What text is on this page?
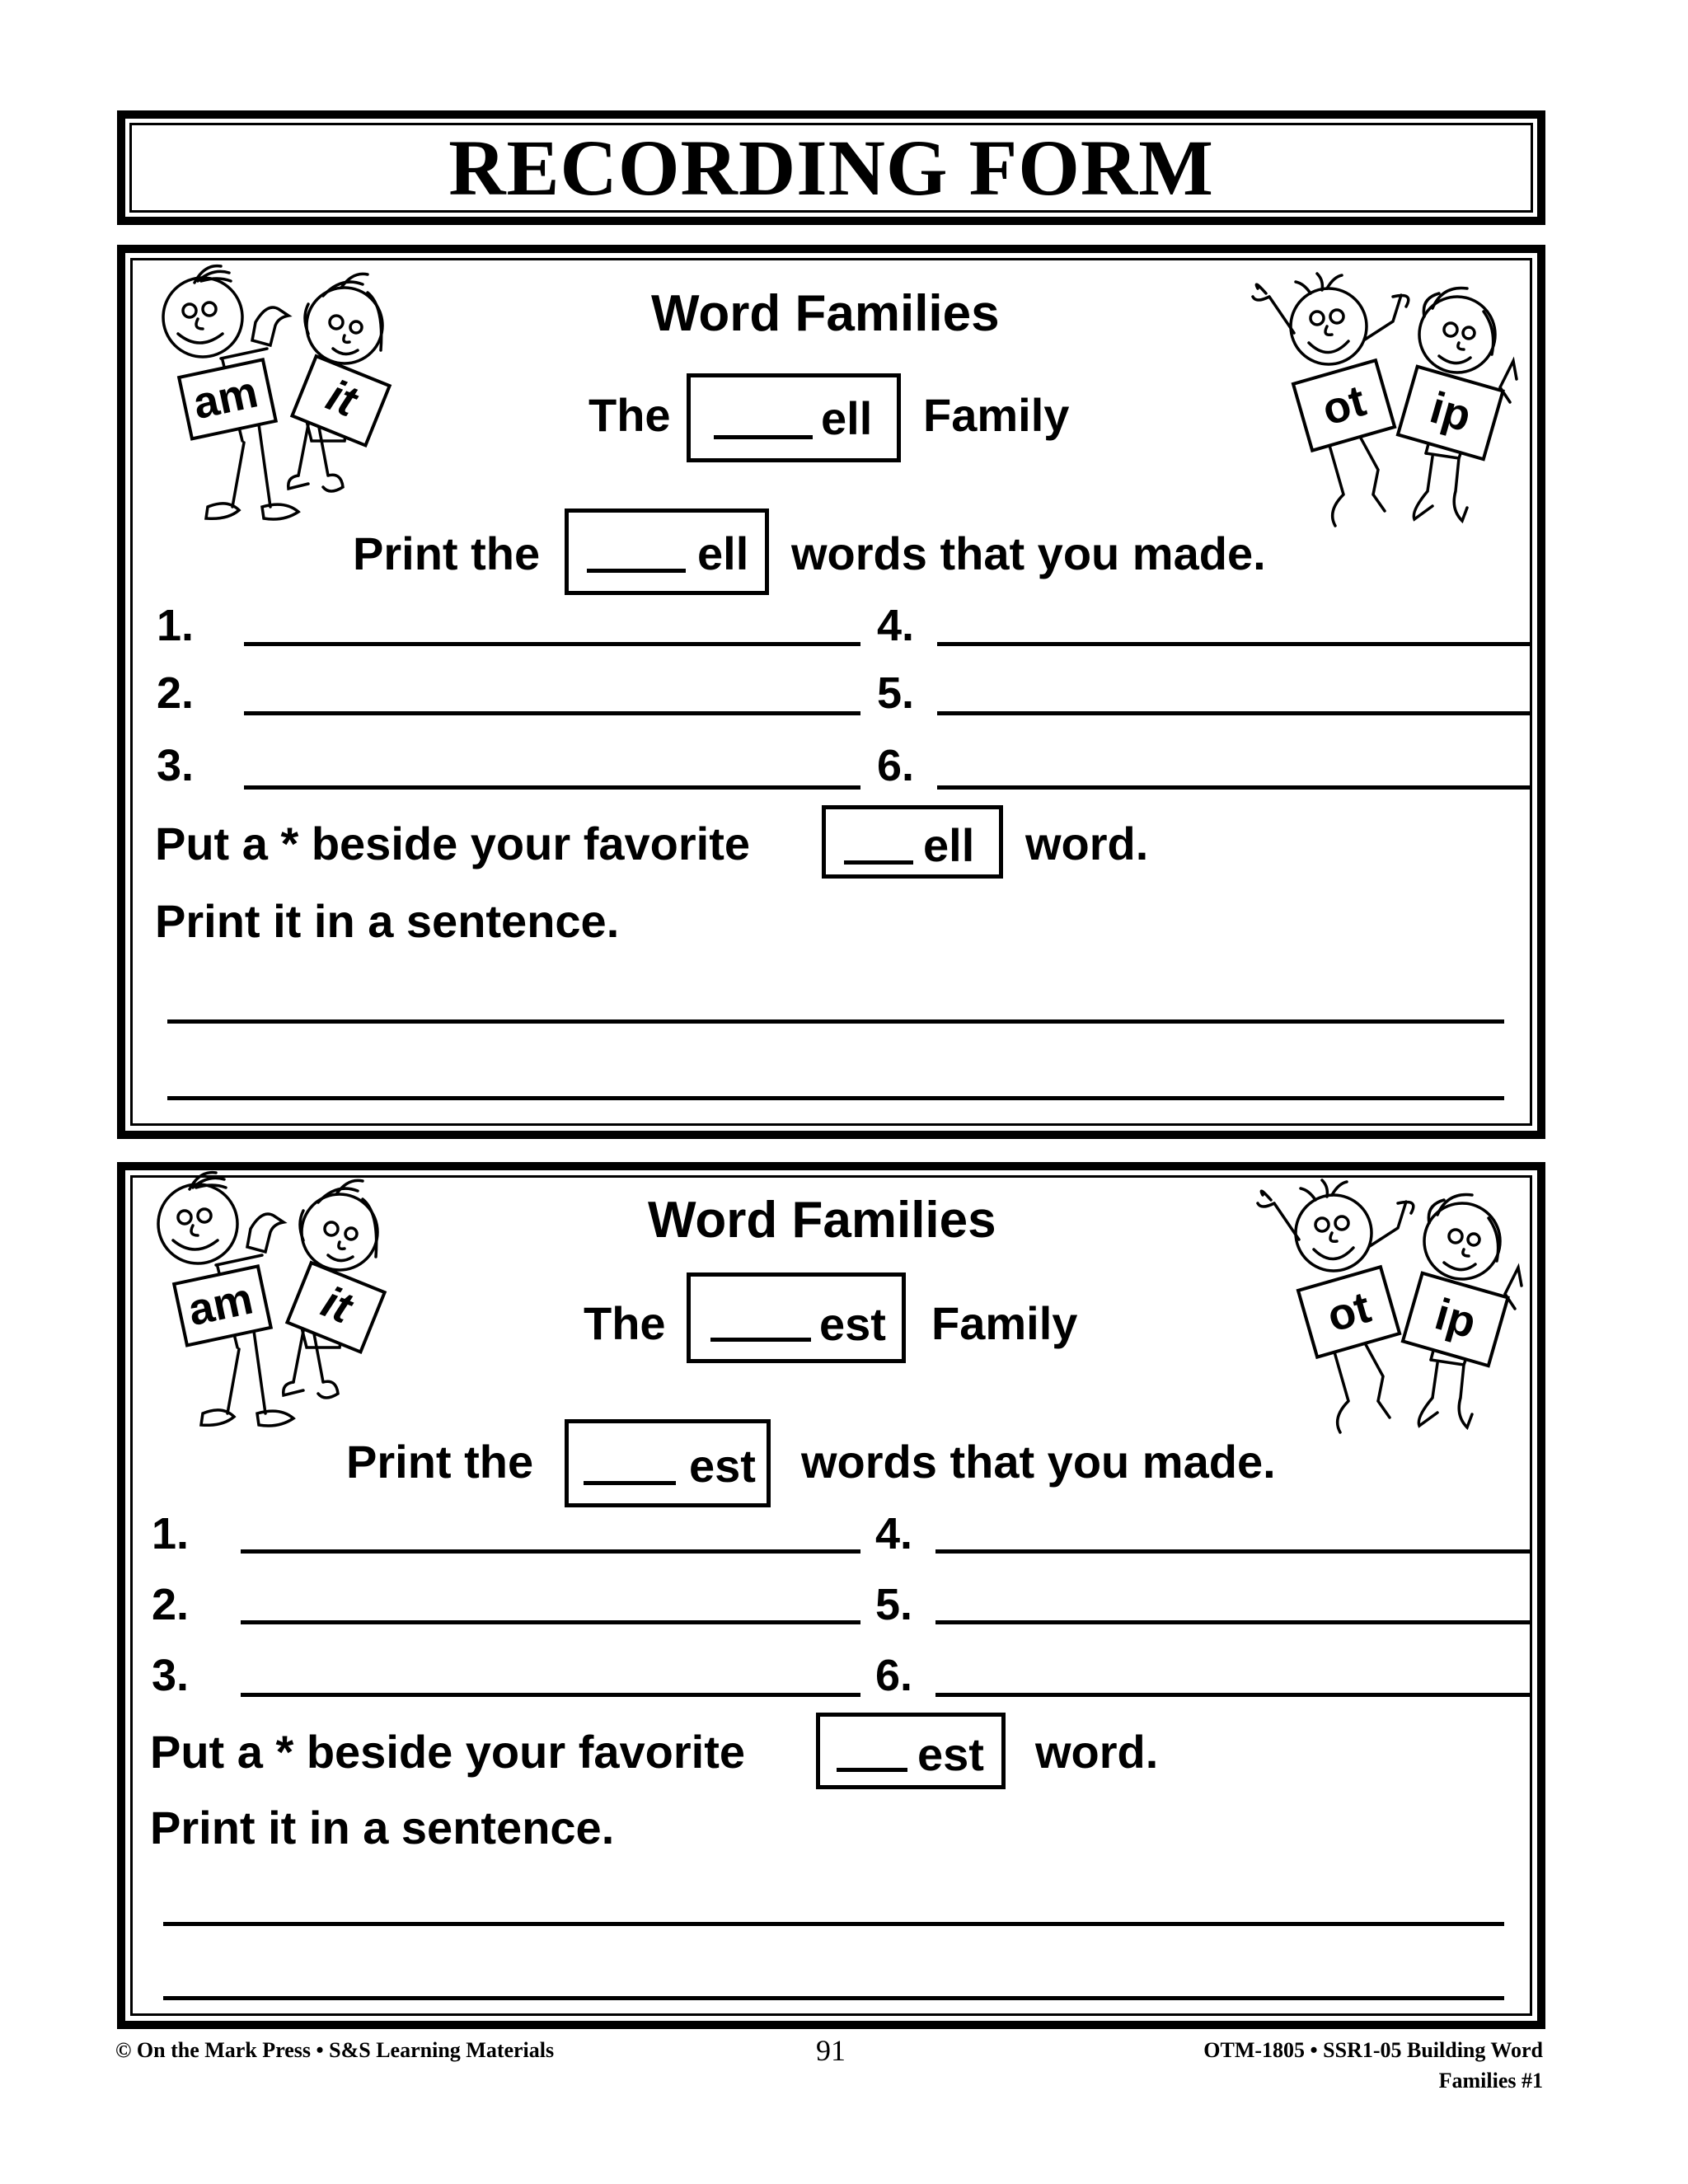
RECORDING FORM
am it	ot ip
Word Families
The	ell Family
Print the	ell words that you made.
1.
2.
3.
4.
5.
6.
Put a * beside your favorite	ell word.
Print it in a sentence.
am it	ot ip
Word Families
The	est Family
Print the	est words that you made.
1.
2.
3.
4.
5.
6.
Put a * beside your favorite	est word.
Print it in a sentence.
© On the Mark Press • S&S Learning Materials	91	OTM-1805 • SSR1-05 Building Word
Families #1
